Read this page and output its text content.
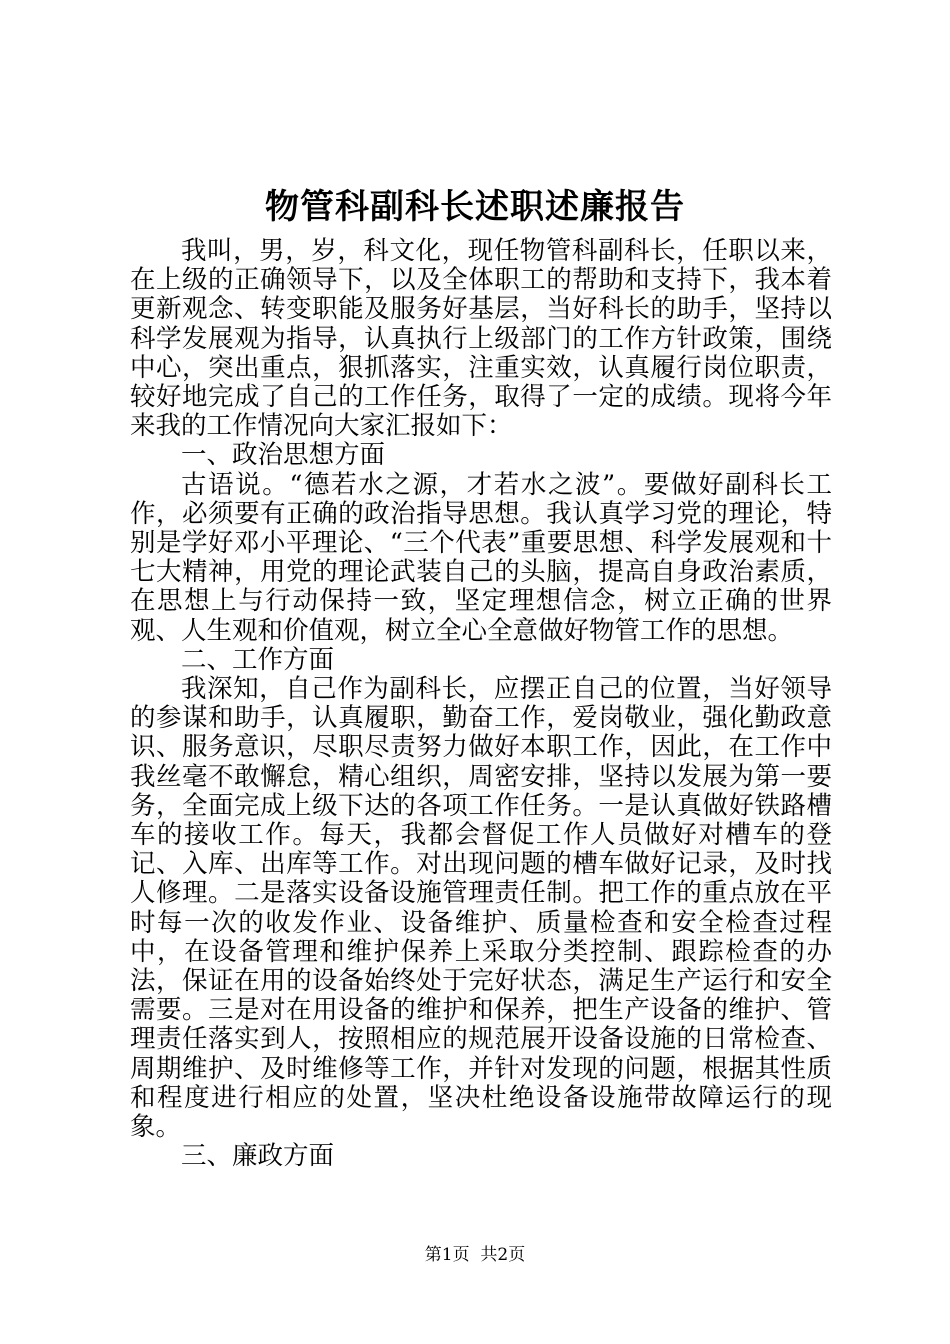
物管科副科长述职述廉报告

我叫，男，岁，科文化，现任物管科副科长，任职以来，在上级的正确领导下，以及全体职工的帮助和支持下，我本着更新观念、转变职能及服务好基层，当好科长的助手，坚持以科学发展观为指导，认真执行上级部门的工作方针政策，围绕中心，突出重点，狠抓落实，注重实效，认真履行岗位职责，较好地完成了自己的工作任务，取得了一定的成绩。现将今年来我的工作情况向大家汇报如下：

一、政治思想方面

古语说。“德若水之源，才若水之波”。要做好副科长工作，必须要有正确的政治指导思想。我认真学习党的理论，特别是学好邓小平理论、“三个代表”重要思想、科学发展观和十七大精神，用党的理论武装自己的头脑，提高自身政治素质，在思想上与行动保持一致，坚定理想信念，树立正确的世界观、人生观和价值观，树立全心全意做好物管工作的思想。

二、工作方面

我深知，自己作为副科长，应摆正自己的位置，当好领导的参谋和助手，认真履职，勤奋工作，爱岗敬业，强化勤政意识、服务意识，尽职尽责努力做好本职工作，因此，在工作中我丝毫不敢懈怠，精心组织，周密安排，坚持以发展为第一要务，全面完成上级下达的各项工作任务。一是认真做好铁路槽车的接收工作。每天，我都会督促工作人员做好对槽车的登记、入库、出库等工作。对出现问题的槽车做好记录，及时找人修理。二是落实设备设施管理责任制。把工作的重点放在平时每一次的收发作业、设备维护、质量检查和安全检查过程中，在设备管理和维护保养上采取分类控制、跟踪检查的办法，保证在用的设备始终处于完好状态，满足生产运行和安全需要。三是对在用设备的维护和保养，把生产设备的维护、管理责任落实到人，按照相应的规范展开设备设施的日常检查、周期维护、及时维修等工作，并针对发现的问题，根据其性质和程度进行相应的处置，坚决杜绝设备设施带故障运行的现象。

三、廉政方面

第1页  共2页
